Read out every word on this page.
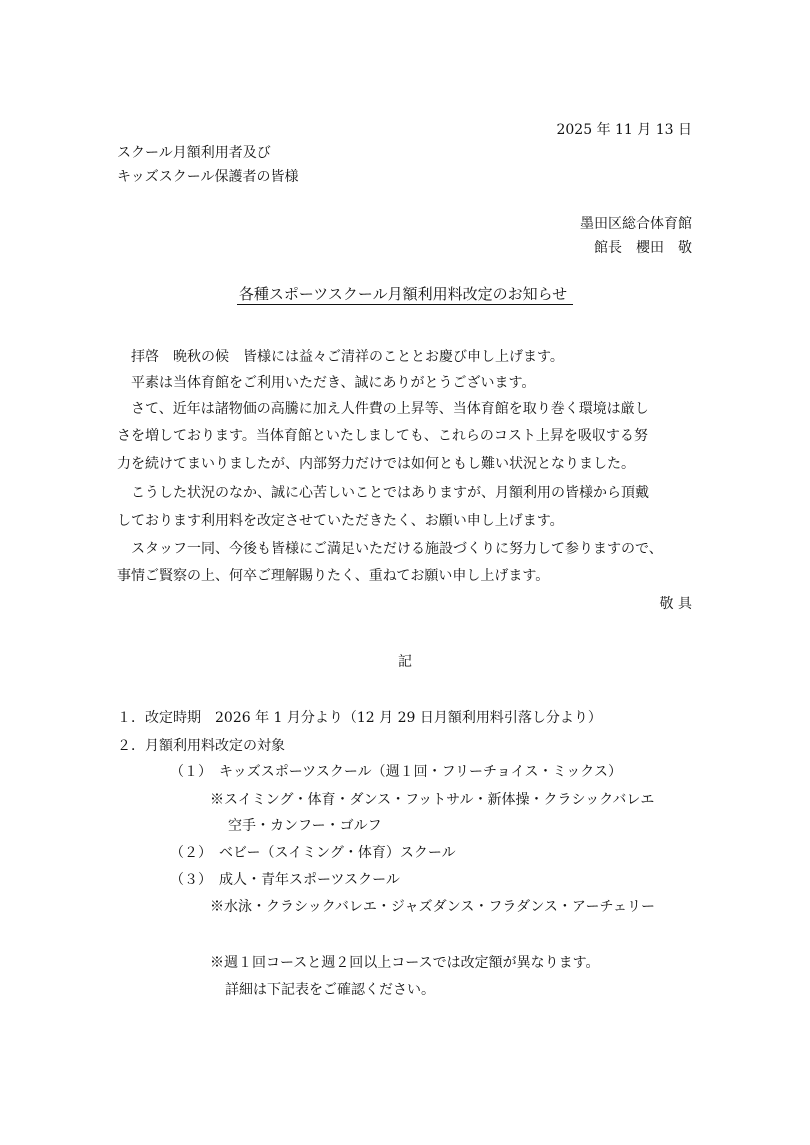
2025 年 11 月 13 日
スクール月額利用者及び
キッズスクール保護者の皆様
墨田区総合体育館
館長　櫻田　敬
各種スポーツスクール月額利用料改定のお知らせ
　拝啓　晩秋の候　皆様には益々ご清祥のこととお慶び申し上げます。
　平素は当体育館をご利用いただき、誠にありがとうございます。
　さて、近年は諸物価の高騰に加え人件費の上昇等、当体育館を取り巻く環境は厳し
さを増しております。当体育館といたしましても、これらのコスト上昇を吸収する努
力を続けてまいりましたが、内部努力だけでは如何ともし難い状況となりました。
　こうした状況のなか、誠に心苦しいことではありますが、月額利用の皆様から頂戴
しております利用料を改定させていただきたく、お願い申し上げます。
　スタッフ一同、今後も皆様にご満足いただける施設づくりに努力して参りますので、
事情ご賢察の上、何卒ご理解賜りたく、重ねてお願い申し上げます。
敬 具
記
１．改定時期　2026 年 1 月分より（12 月 29 日月額利用料引落し分より）
２．月額利用料改定の対象
（１）　キッズスポーツスクール（週１回・フリーチョイス・ミックス）
※スイミング・体育・ダンス・フットサル・新体操・クラシックバレエ
空手・カンフー・ゴルフ
（２）　ベビー（スイミング・体育）スクール
（３）　成人・青年スポーツスクール
※水泳・クラシックバレエ・ジャズダンス・フラダンス・アーチェリー
※週１回コースと週２回以上コースでは改定額が異なります。
詳細は下記表をご確認ください。
